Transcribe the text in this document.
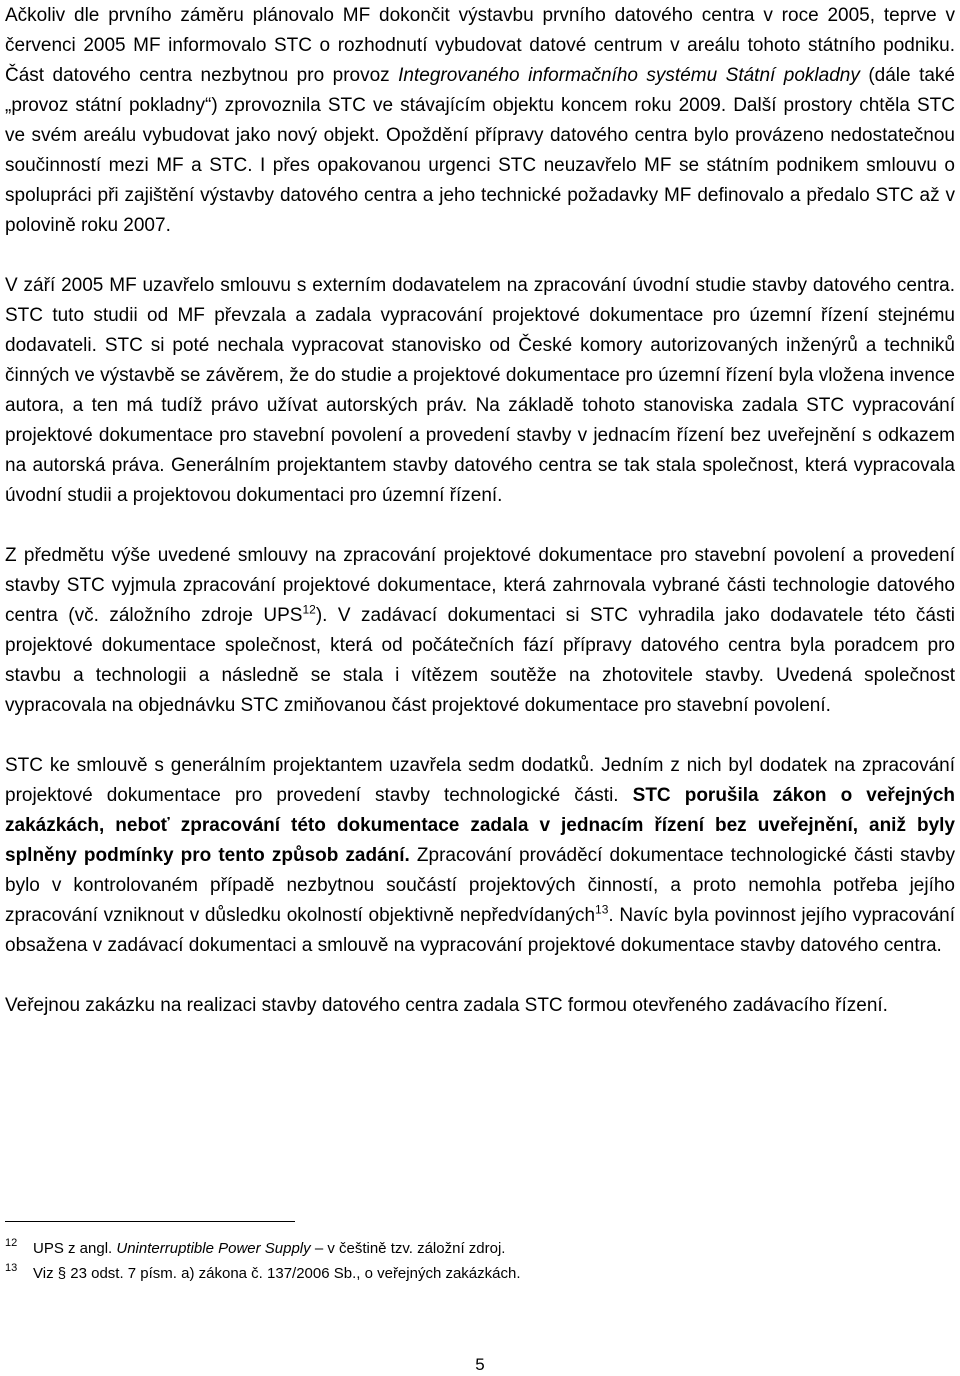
Ačkoliv dle prvního záměru plánovalo MF dokončit výstavbu prvního datového centra v roce 2005, teprve v červenci 2005 MF informovalo STC o rozhodnutí vybudovat datové centrum v areálu tohoto státního podniku. Část datového centra nezbytnou pro provoz Integrovaného informačního systému Státní pokladny (dále také „provoz státní pokladny“) zprovoznila STC ve stávajícím objektu koncem roku 2009. Další prostory chtěla STC ve svém areálu vybudovat jako nový objekt. Opoždění přípravy datového centra bylo provázeno nedostatečnou součinností mezi MF a STC. I přes opakovanou urgenci STC neuzavřelo MF se státním podnikem smlouvu o spolupráci při zajištění výstavby datového centra a jeho technické požadavky MF definovalo a předalo STC až v polovině roku 2007.

V září 2005 MF uzavřelo smlouvu s externím dodavatelem na zpracování úvodní studie stavby datového centra. STC tuto studii od MF převzala a zadala vypracování projektové dokumentace pro územní řízení stejnému dodavateli. STC si poté nechala vypracovat stanovisko od České komory autorizovaných inženýrů a techniků činných ve výstavbě se závěrem, že do studie a projektové dokumentace pro územní řízení byla vložena invence autora, a ten má tudíž právo užívat autorských práv. Na základě tohoto stanoviska zadala STC vypracování projektové dokumentace pro stavební povolení a provedení stavby v jednacím řízení bez uveřejnění s odkazem na autorská práva. Generálním projektantem stavby datového centra se tak stala společnost, která vypracovala úvodní studii a projektovou dokumentaci pro územní řízení.

Z předmětu výše uvedené smlouvy na zpracování projektové dokumentace pro stavební povolení a provedení stavby STC vyjmula zpracování projektové dokumentace, která zahrnovala vybrané části technologie datového centra (vč. záložního zdroje UPS$^{12}$). V zadávací dokumentaci si STC vyhradila jako dodavatele této části projektové dokumentace společnost, která od počátečních fází přípravy datového centra byla poradcem pro stavbu a technologii a následně se stala i vítězem soutěže na zhotovitele stavby. Uvedená společnost vypracovala na objednávku STC zmiňovanou část projektové dokumentace pro stavební povolení.

STC ke smlouvě s generálním projektantem uzavřela sedm dodatků. Jedním z nich byl dodatek na zpracování projektové dokumentace pro provedení stavby technologické části. STC porušila zákon o veřejných zakázkách, neboť zpracování této dokumentace zadala v jednacím řízení bez uveřejnění, aniž byly splněny podmínky pro tento způsob zadání. Zpracování prováděcí dokumentace technologické části stavby bylo v kontrolovaném případě nezbytnou součástí projektových činností, a proto nemohla potřeba jejího zpracování vzniknout v důsledku okolností objektivně nepředvídaných$^{13}$. Navíc byla povinnost jejího vypracování obsažena v zadávací dokumentaci a smlouvě na vypracování projektové dokumentace stavby datového centra.

Veřejnou zakázku na realizaci stavby datového centra zadala STC formou otevřeného zadávacího řízení.

12 UPS z angl. Uninterruptible Power Supply – v češtině tzv. záložní zdroj.
13 Viz § 23 odst. 7 písm. a) zákona č. 137/2006 Sb., o veřejných zakázkách.
5
